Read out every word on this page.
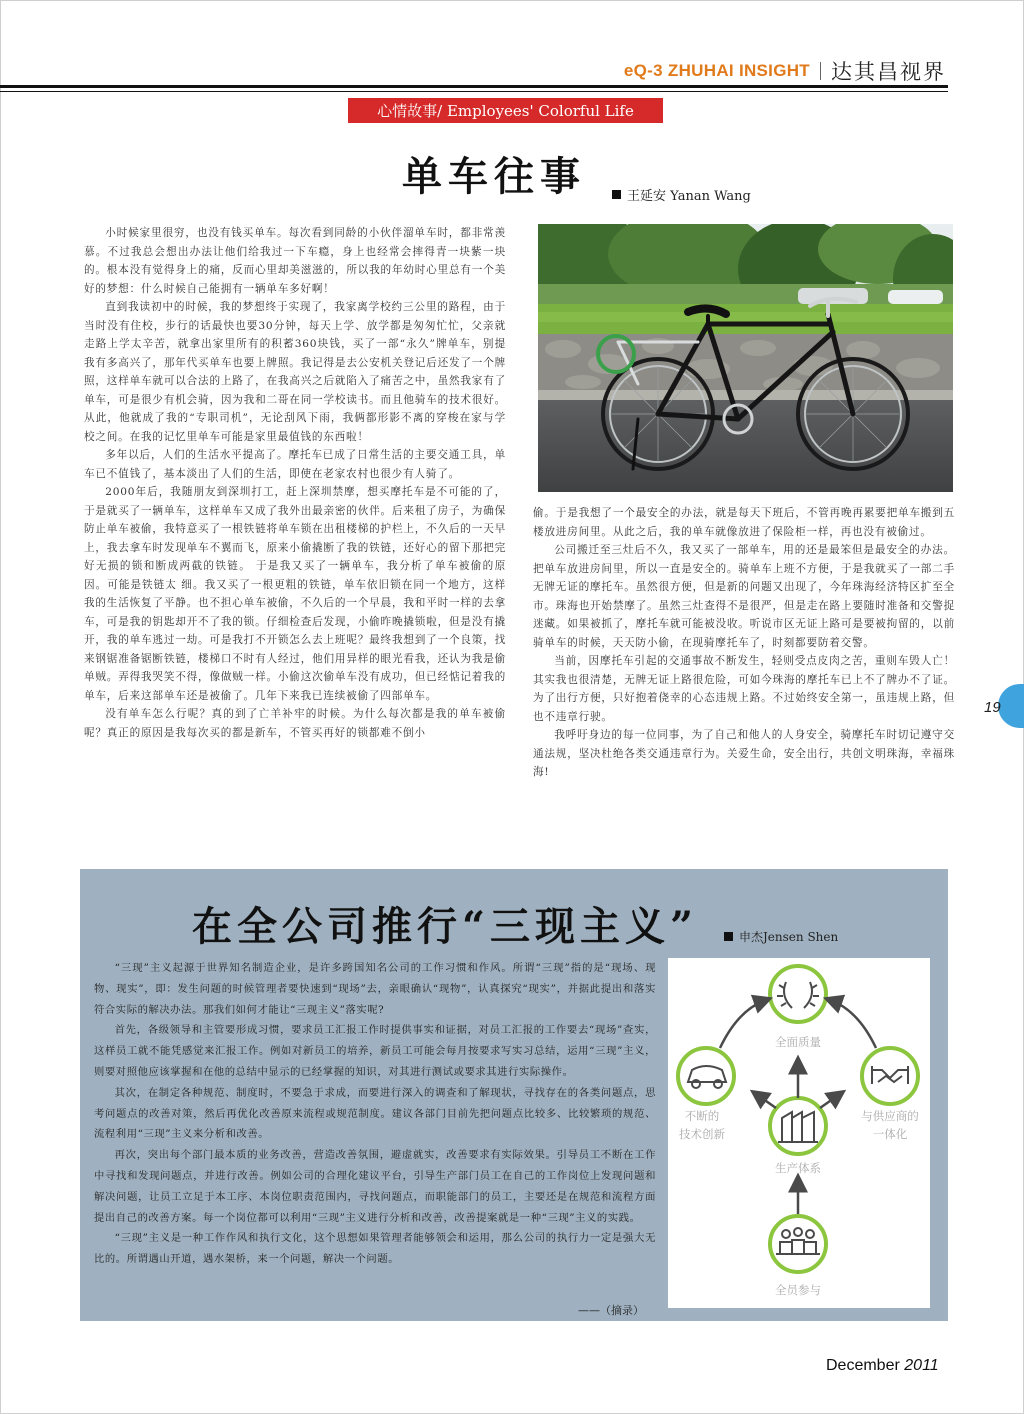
eQ-3 ZHUHAI INSIGHT 达其昌视界
心情故事/ Employees' Colorful Life
单车往事	王延安 Yanan Wang

小时候家里很穷，也没有钱买单车。每次看到同龄的小伙伴溜单车时，都非常羡慕。不过我总会想出办法让他们给我过一下车瘾，身上也经常会摔得青一块紫一块的。根本没有觉得身上的痛，反而心里却美滋滋的，所以我的年幼时心里总有一个美好的梦想：什么时候自己能拥有一辆单车多好啊！

直到我读初中的时候，我的梦想终于实现了，我家离学校约三公里的路程，由于当时没有住校，步行的话最快也要30分钟，每天上学、放学都是匆匆忙忙，父亲就走路上学太辛苦，就拿出家里所有的积蓄360块钱，买了一部“永久”牌单车，别提我有多高兴了，那年代买单车也要上牌照。我记得是去公安机关登记后还发了一个牌照，这样单车就可以合法的上路了，在我高兴之后就陷入了痛苦之中，虽然我家有了单车，可是很少有机会骑，因为我和二哥在同一学校读书。而且他骑车的技术很好。从此，他就成了我的“专职司机”，无论刮风下雨，我俩都形影不离的穿梭在家与学校之间。在我的记忆里单车可能是家里最值钱的东西啦！

多年以后，人们的生活水平提高了。摩托车已成了日常生活的主要交通工具，单车已不值钱了，基本淡出了人们的生活，即使在老家农村也很少有人骑了。

2000年后，我随朋友到深圳打工，赶上深圳禁摩，想买摩托车是不可能的了，于是就买了一辆单车，这样单车又成了我外出最亲密的伙伴。后来租了房子，为确保防止单车被偷，我特意买了一根铁链将单车锁在出租楼梯的护栏上，不久后的一天早上，我去拿车时发现单车不翼而飞，原来小偷撬断了我的铁链，还好心的留下那把完好无损的锁和断成两截的铁链。 于是我又买了一辆单车，我分析了单车被偷的原因。可能是铁链太 细。我又买了一根更粗的铁链，单车依旧锁在同一个地方，这样我的生活恢复了平静。也不担心单车被偷，不久后的一个早晨，我和平时一样的去拿车，可是我的钥匙却开不了我的锁。仔细检查后发现，小偷昨晚撬锁啦，但是没有撬开，我的单车逃过一劫。可是我打不开锁怎么去上班呢？最终我想到了一个良策，找来钢锯准备锯断铁链，楼梯口不时有人经过，他们用异样的眼光看我，还认为我是偷单贼。弄得我哭笑不得，像做贼一样。小偷这次偷单车没有成功，但已经惦记着我的单车，后来这部单车还是被偷了。几年下来我已连续被偷了四部单车。

没有单车怎么行呢？真的到了亡羊补牢的时候。为什么每次都是我的单车被偷呢？真正的原因是我每次买的都是新车，不管买再好的锁都难不倒小

偷。于是我想了一个最安全的办法，就是每天下班后，不管再晚再累要把单车搬到五楼放进房间里。从此之后，我的单车就像放进了保险柜一样，再也没有被偷过。

公司搬迁至三灶后不久，我又买了一部单车，用的还是最笨但是最安全的办法。把单车放进房间里，所以一直是安全的。骑单车上班不方便，于是我就买了一部二手无牌无证的摩托车。虽然很方便，但是新的问题又出现了，今年珠海经济特区扩至全市。珠海也开始禁摩了。虽然三灶查得不是很严，但是走在路上要随时准备和交警捉迷藏。如果被抓了，摩托车就可能被没收。听说市区无证上路可是要被拘留的，以前骑单车的时候，天天防小偷，在现骑摩托车了，时刻都要防着交警。

当前，因摩托车引起的交通事故不断发生，轻则受点皮肉之苦，重则车毁人亡！其实我也很清楚，无牌无证上路很危险，可如今珠海的摩托车已上不了牌办不了证。为了出行方便，只好抱着侥幸的心态违规上路。不过始终安全第一，虽违规上路，但也不违章行驶。

我呼吁身边的每一位同事，为了自己和他人的人身安全，骑摩托车时切记遵守交通法规，坚决杜绝各类交通违章行为。关爱生命，安全出行，共创文明珠海，幸福珠海!

19
在全公司推行“三现主义”	申杰Jensen Shen

“三现”主义起源于世界知名制造企业，是许多跨国知名公司的工作习惯和作风。所谓“三现”指的是“现场、现物、现实”，即：发生问题的时候管理者要快速到“现场”去，亲眼确认“现物”，认真探究“现实”，并据此提出和落实符合实际的解决办法。那我们如何才能让“三现主义”落实呢?

首先，各级领导和主管要形成习惯，要求员工汇报工作时提供事实和证据，对员工汇报的工作要去“现场”查实，这样员工就不能凭感觉来汇报工作。例如对新员工的培养，新员工可能会每月按要求写实习总结，运用“三现”主义，则要对照他应该掌握和在他的总结中显示的已经掌握的知识，对其进行测试或要求其进行实际操作。

其次，在制定各种规范、制度时，不要急于求成，而要进行深入的调查和了解现状，寻找存在的各类问题点，思考问题点的改善对策，然后再优化改善原来流程或规范制度。建议各部门目前先把问题点比较多、比较繁琐的规范、流程利用“三现”主义来分析和改善。

再次，突出每个部门最本质的业务改善，营造改善氛围，避虚就实，改善要求有实际效果。引导员工不断在工作中寻找和发现问题点，并进行改善。例如公司的合理化建议平台，引导生产部门员工在自己的工作岗位上发现问题和解决问题，让员工立足于本工序、本岗位职责范围内，寻找问题点，而职能部门的员工，主要还是在规范和流程方面提出自己的改善方案。每一个岗位都可以利用“三现”主义进行分析和改善，改善提案就是一种“三现”主义的实践。

“三现”主义是一种工作作风和执行文化，这个思想如果管理者能够领会和运用，那么公司的执行力一定是强大无比的。所谓遇山开道，遇水架桥，来一个问题，解决一个问题。

——（摘录）
全面质量
不断的
技术创新
与供应商的
一体化
生产体系
全员参与
December 2011
